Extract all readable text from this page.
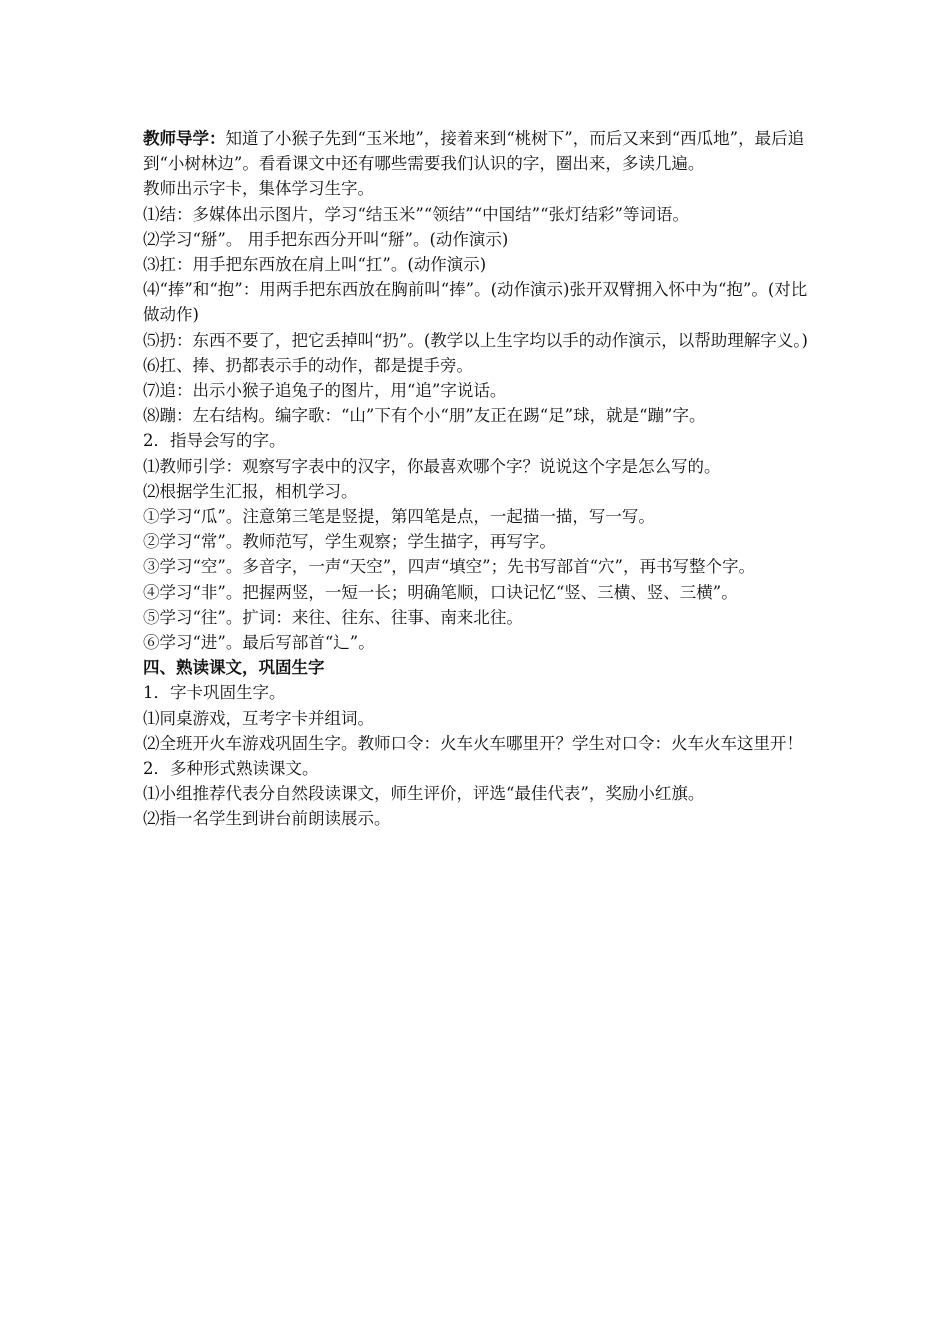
教师导学：知道了小猴子先到“玉米地”，接着来到“桃树下”，而后又来到“西瓜地”，最后追到“小树林边”。看看课文中还有哪些需要我们认识的字，圈出来，多读几遍。

教师出示字卡，集体学习生字。

⑴结：多媒体出示图片，学习“结玉米”“领结”“中国结”“张灯结彩”等词语。

⑵学习“掰”。 用手把东西分开叫“掰”。(动作演示)

⑶扛：用手把东西放在肩上叫“扛”。(动作演示)

⑷“捧”和“抱”：用两手把东西放在胸前叫“捧”。(动作演示)张开双臂拥入怀中为“抱”。(对比做动作)

⑸扔：东西不要了，把它丢掉叫“扔”。(教学以上生字均以手的动作演示，以帮助理解字义。)

⑹扛、捧、扔都表示手的动作，都是提手旁。

⑺追：出示小猴子追兔子的图片，用“追”字说话。

⑻蹦：左右结构。编字歌：“山”下有个小“朋”友正在踢“足”球，就是“蹦”字。

2．指导会写的字。

⑴教师引学：观察写字表中的汉字，你最喜欢哪个字？说说这个字是怎么写的。

⑵根据学生汇报，相机学习。

①学习“瓜”。注意第三笔是竖提，第四笔是点，一起描一描，写一写。

②学习“常”。教师范写，学生观察；学生描字，再写字。

③学习“空”。多音字，一声“天空”，四声“填空”；先书写部首“穴”，再书写整个字。

④学习“非”。把握两竖，一短一长；明确笔顺，口诀记忆“竖、三横、竖、三横”。

⑤学习“往”。扩词：来往、往东、往事、南来北往。

⑥学习“进”。最后写部首“辶”。

四、熟读课文，巩固生字

1．字卡巩固生字。

⑴同桌游戏，互考字卡并组词。

⑵全班开火车游戏巩固生字。教师口令：火车火车哪里开？学生对口令：火车火车这里开！

2．多种形式熟读课文。

⑴小组推荐代表分自然段读课文，师生评价，评选“最佳代表”，奖励小红旗。

⑵指一名学生到讲台前朗读展示。
